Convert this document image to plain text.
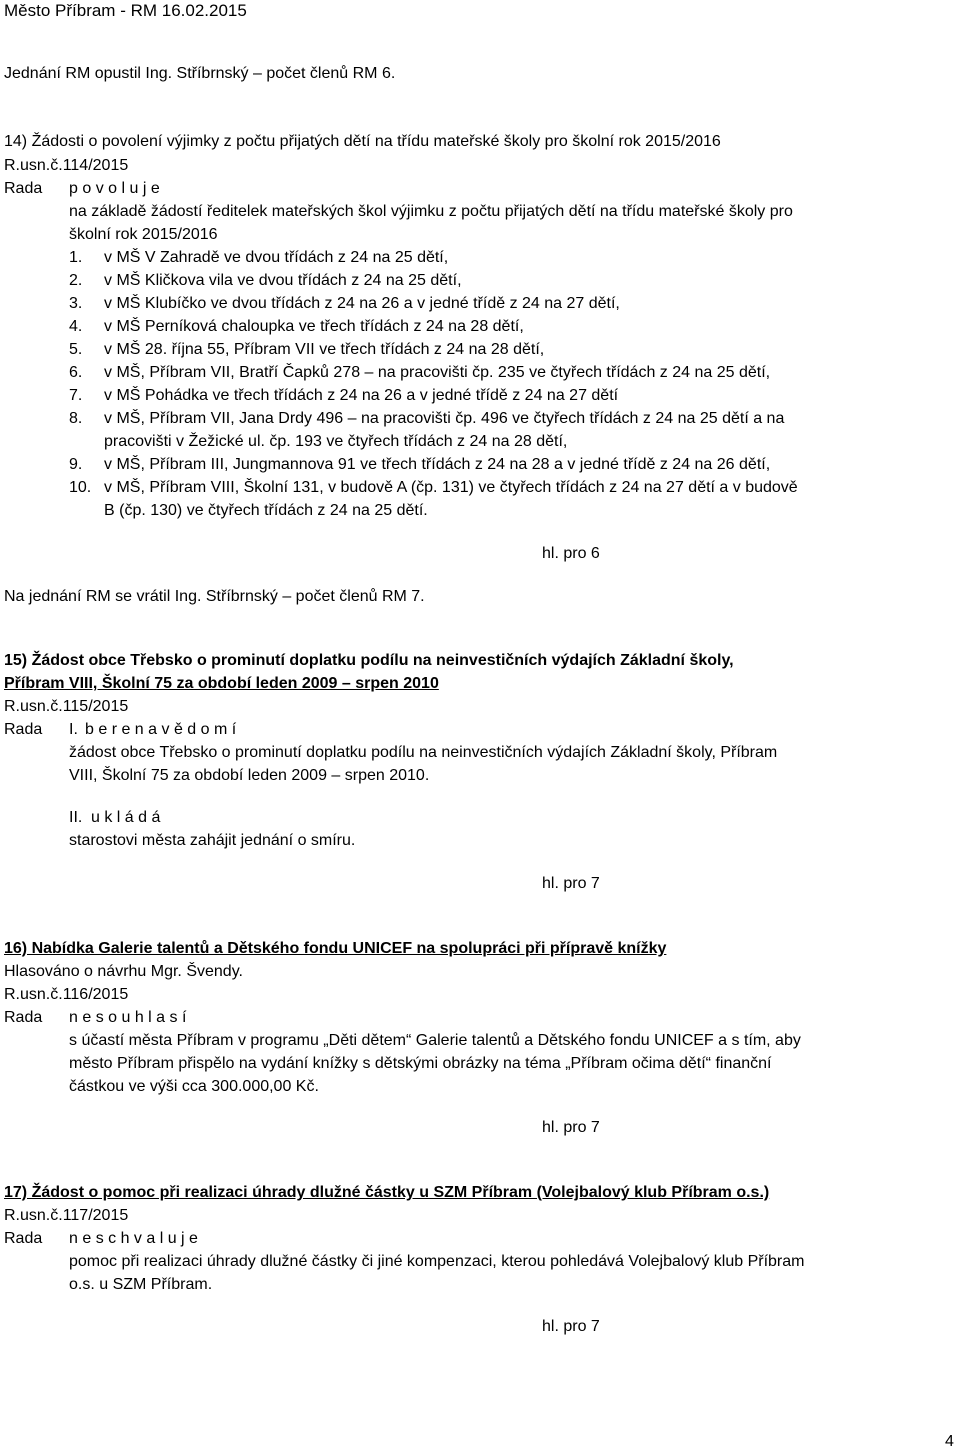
Město Příbram - RM 16.02.2015
Jednání RM opustil Ing. Stříbrnský – počet členů RM 6.
14) Žádosti o povolení výjimky z počtu přijatých dětí na třídu mateřské školy pro školní rok 2015/2016
R.usn.č.114/2015
Rada p o v o l u j e
na základě žádostí ředitelek mateřských škol výjimku z počtu přijatých dětí na třídu mateřské školy pro
školní rok 2015/2016
1. v MŠ V Zahradě ve dvou třídách z 24 na 25 dětí,
2. v MŠ Kličkova vila ve dvou třídách z 24 na 25 dětí,
3. v MŠ Klubíčko ve dvou třídách z 24 na 26 a v jedné třídě z 24 na 27 dětí,
4. v MŠ Perníková chaloupka ve třech třídách z 24 na 28 dětí,
5. v MŠ 28. října 55, Příbram VII ve třech třídách z 24 na 28 dětí,
6. v MŠ, Příbram VII, Bratří Čapků 278 – na pracovišti čp. 235 ve čtyřech třídách z 24 na 25 dětí,
7. v MŠ Pohádka ve třech třídách z 24 na 26 a v jedné třídě z 24 na 27 dětí
8. v MŠ, Příbram VII, Jana Drdy 496 – na pracovišti čp. 496 ve čtyřech třídách z 24 na 25 dětí a na
pracovišti v Žežické ul. čp. 193 ve čtyřech třídách z 24 na 28 dětí,
9. v MŠ, Příbram III, Jungmannova 91 ve třech třídách z 24 na 28 a v jedné třídě z 24 na 26 dětí,
10. v MŠ, Příbram VIII, Školní 131, v budově A (čp. 131) ve čtyřech třídách z 24 na 27 dětí a v budově
B (čp. 130) ve čtyřech třídách z 24 na 25 dětí.
hl. pro 6
Na jednání RM se vrátil Ing. Stříbrnský – počet členů RM 7.
15) Žádost obce Třebsko o prominutí doplatku podílu na neinvestičních výdajích Základní školy,
Příbram VIII, Školní 75 za období leden 2009 – srpen 2010
R.usn.č.115/2015
Rada I. b e r e n a v ě d o m í
žádost obce Třebsko o prominutí doplatku podílu na neinvestičních výdajích Základní školy, Příbram
VIII, Školní 75 za období leden 2009 – srpen 2010.
II. u k l á d á
starostovi města zahájit jednání o smíru.
hl. pro 7
16) Nabídka Galerie talentů a Dětského fondu UNICEF na spolupráci při přípravě knížky
Hlasováno o návrhu Mgr. Švendy.
R.usn.č.116/2015
Rada n e s o u h l a s í
s účastí města Příbram v programu „Děti dětem“ Galerie talentů a Dětského fondu UNICEF a s tím, aby
město Příbram přispělo na vydání knížky s dětskými obrázky na téma „Příbram očima dětí“ finanční
částkou ve výši cca 300.000,00 Kč.
hl. pro 7
17) Žádost o pomoc při realizaci úhrady dlužné částky u SZM Příbram (Volejbalový klub Příbram o.s.)
R.usn.č.117/2015
Rada n e s c h v a l u j e
pomoc při realizaci úhrady dlužné částky či jiné kompenzaci, kterou pohledává Volejbalový klub Příbram
o.s. u SZM Příbram.
hl. pro 7
4
